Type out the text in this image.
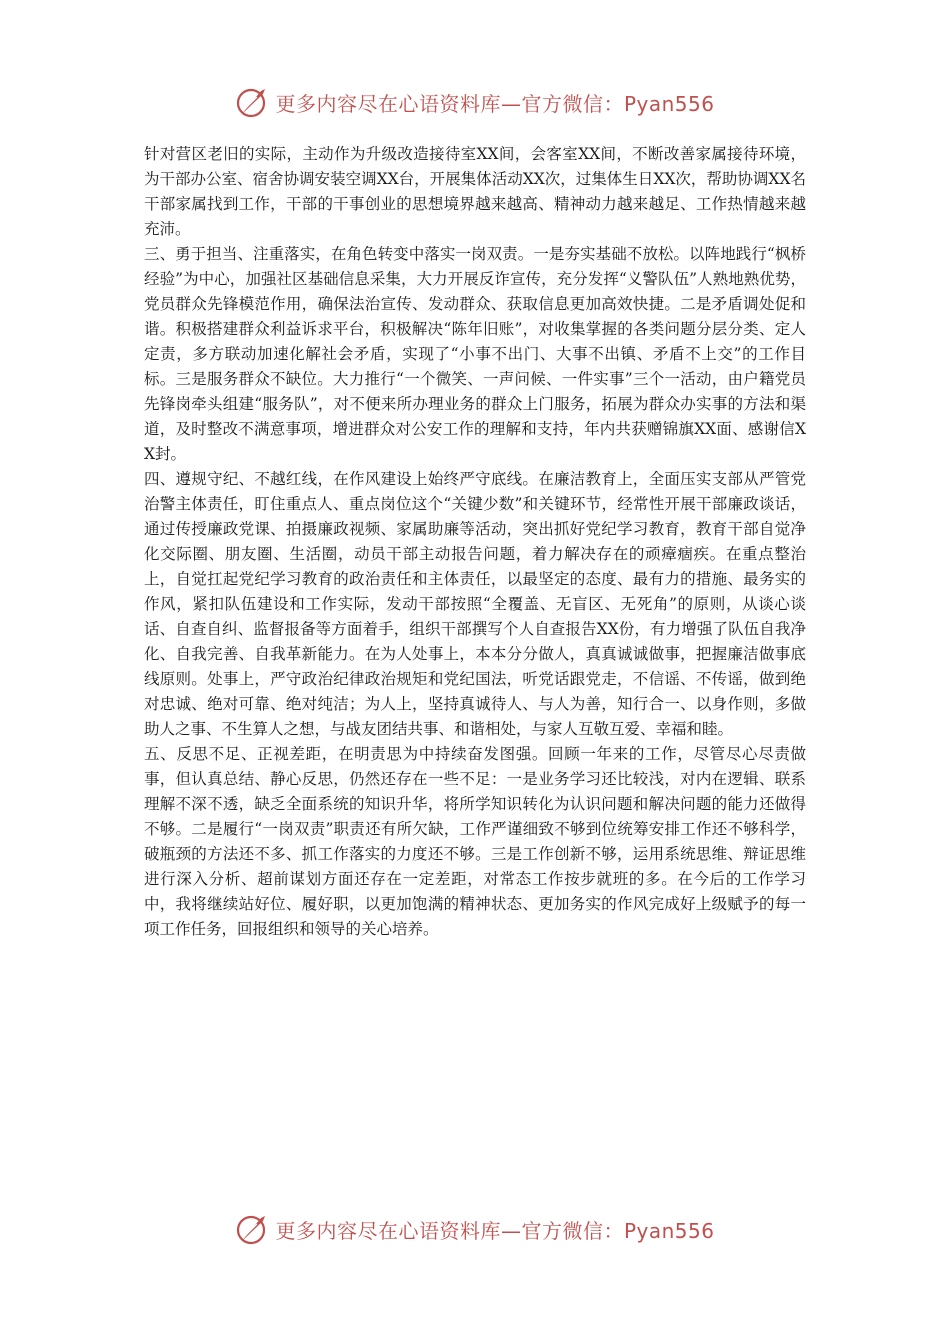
更多内容尽在心语资料库—官方微信：Pyan556

针对营区老旧的实际，主动作为升级改造接待室XX间，会客室XX间，不断改善家属接待环境，为干部办公室、宿舍协调安装空调XX台，开展集体活动XX次，过集体生日XX次，帮助协调XX名干部家属找到工作，干部的干事创业的思想境界越来越高、精神动力越来越足、工作热情越来越充沛。

三、勇于担当、注重落实，在角色转变中落实一岗双责。一是夯实基础不放松。以阵地践行“枫桥经验”为中心，加强社区基础信息采集，大力开展反诈宣传，充分发挥“义警队伍”人熟地熟优势，党员群众先锋模范作用，确保法治宣传、发动群众、获取信息更加高效快捷。二是矛盾调处促和谐。积极搭建群众利益诉求平台，积极解决“陈年旧账”，对收集掌握的各类问题分层分类、定人定责，多方联动加速化解社会矛盾，实现了“小事不出门、大事不出镇、矛盾不上交”的工作目标。三是服务群众不缺位。大力推行“一个微笑、一声问候、一件实事”三个一活动，由户籍党员先锋岗牵头组建“服务队”，对不便来所办理业务的群众上门服务，拓展为群众办实事的方法和渠道，及时整改不满意事项，增进群众对公安工作的理解和支持，年内共获赠锦旗XX面、感谢信XX封。

四、遵规守纪、不越红线，在作风建设上始终严守底线。在廉洁教育上，全面压实支部从严管党治警主体责任，盯住重点人、重点岗位这个“关键少数”和关键环节，经常性开展干部廉政谈话，通过传授廉政党课、拍摄廉政视频、家属助廉等活动，突出抓好党纪学习教育，教育干部自觉净化交际圈、朋友圈、生活圈，动员干部主动报告问题，着力解决存在的顽瘴痼疾。在重点整治上，自觉扛起党纪学习教育的政治责任和主体责任，以最坚定的态度、最有力的措施、最务实的作风，紧扣队伍建设和工作实际，发动干部按照“全覆盖、无盲区、无死角”的原则，从谈心谈话、自查自纠、监督报备等方面着手，组织干部撰写个人自查报告XX份，有力增强了队伍自我净化、自我完善、自我革新能力。在为人处事上，本本分分做人，真真诚诚做事，把握廉洁做事底线原则。处事上，严守政治纪律政治规矩和党纪国法，听党话跟党走，不信谣、不传谣，做到绝对忠诚、绝对可靠、绝对纯洁；为人上，坚持真诚待人、与人为善，知行合一、以身作则，多做助人之事、不生算人之想，与战友团结共事、和谐相处，与家人互敬互爱、幸福和睦。

五、反思不足、正视差距，在明责思为中持续奋发图强。回顾一年来的工作，尽管尽心尽责做事，但认真总结、静心反思，仍然还存在一些不足：一是业务学习还比较浅，对内在逻辑、联系理解不深不透，缺乏全面系统的知识升华，将所学知识转化为认识问题和解决问题的能力还做得不够。二是履行“一岗双责”职责还有所欠缺，工作严谨细致不够到位统筹安排工作还不够科学，破瓶颈的方法还不多、抓工作落实的力度还不够。三是工作创新不够，运用系统思维、辩证思维进行深入分析、超前谋划方面还存在一定差距，对常态工作按步就班的多。在今后的工作学习中，我将继续站好位、履好职，以更加饱满的精神状态、更加务实的作风完成好上级赋予的每一项工作任务，回报组织和领导的关心培养。

更多内容尽在心语资料库—官方微信：Pyan556
